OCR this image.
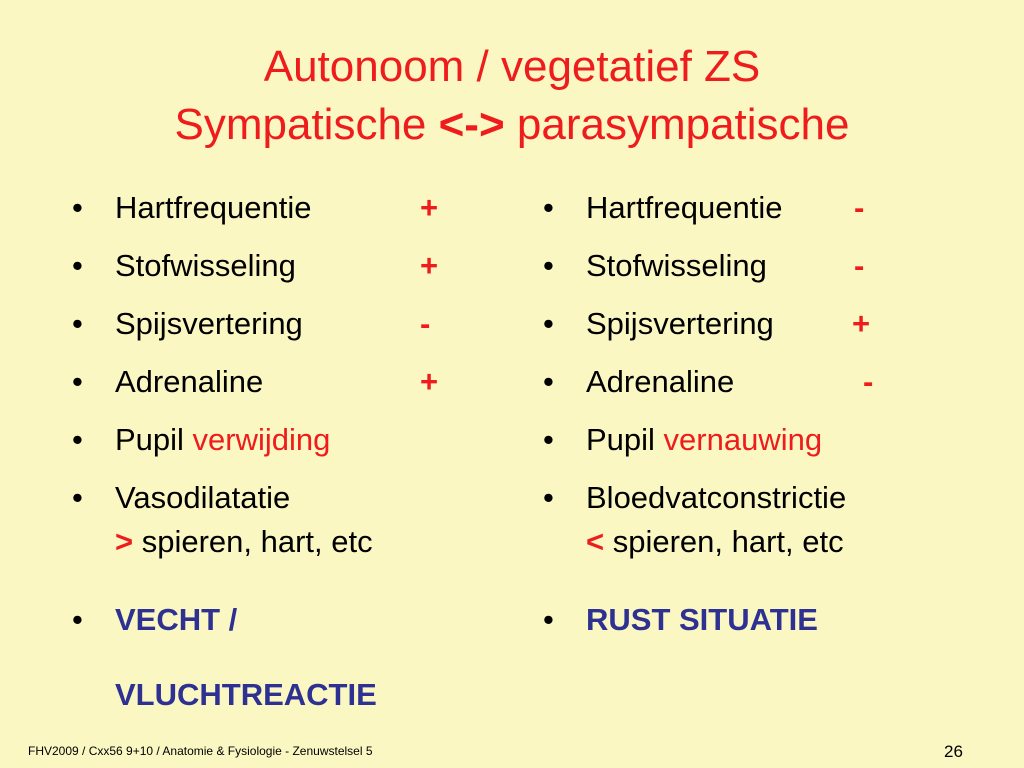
Autonoom / vegetatief ZS
Sympatische <-> parasympatische
• Hartfrequentie	+
• Stofwisseling	+
• Spijsvertering	-
• Adrenaline	+
• Pupil verwijding
• Vasodilatatie
> spieren, hart, etc
• VECHT /
VLUCHTREACTIE
• Hartfrequentie -
• Stofwisseling	-
• Spijsvertering	+
• Adrenaline	-
• Pupil vernauwing
• Bloedvatconstrictie
< spieren, hart, etc
• RUST SITUATIE
FHV2009 / Cxx56 9+10 / Anatomie & Fysiologie - Zenuwstelsel 5	26
